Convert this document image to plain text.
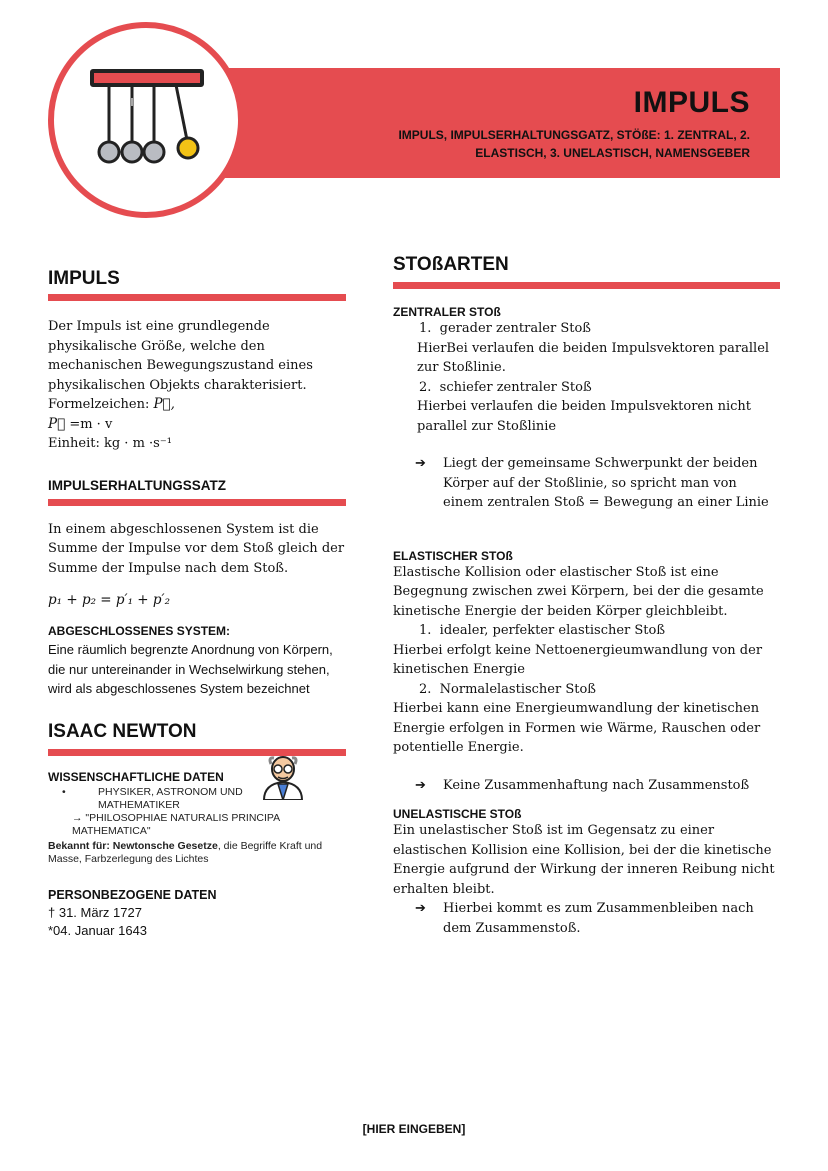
IMPULS
IMPULS, IMPULSERHALTUNGSGATZ, STÖßE: 1. ZENTRAL, 2. ELASTISCH, 3. UNELASTISCH, NAMENSGEBER
IMPULS
Der Impuls ist eine grundlegende physikalische Größe, welche den mechanischen Bewegungszustand eines physikalischen Objekts charakterisiert.
Formelzeichen: P⃗,
P⃗ =m · v
Einheit: kg · m ·s⁻¹
IMPULSERHALTUNGSSATZ
In einem abgeschlossenen System ist die Summe der Impulse vor dem Stoß gleich der Summe der Impulse nach dem Stoß.
p₁ + p₂ = p′₁ + p′₂
ABGESCHLOSSENES SYSTEM:
Eine räumlich begrenzte Anordnung von Körpern, die nur untereinander in Wechselwirkung stehen, wird als abgeschlossenes System bezeichnet
ISAAC NEWTON
WISSENSCHAFTLICHE DATEN
•	PHYSIKER, ASTRONOM UND MATHEMATIKER
→ "PHILOSOPHIAE NATURALIS PRINCIPA MATHEMATICA"
Bekannt für: Newtonsche Gesetze, die Begriffe Kraft und Masse, Farbzerlegung des Lichtes
PERSONBEZOGENE DATEN
† 31. März 1727
*04. Januar 1643
STOßARTEN
ZENTRALER STOß
1.  gerader zentraler Stoß
HierBei verlaufen die beiden Impulsvektoren parallel zur Stoßlinie.
2.  schiefer zentraler Stoß
Hierbei verlaufen die beiden Impulsvektoren nicht parallel zur Stoßlinie
➔	Liegt der gemeinsame Schwerpunkt der beiden Körper auf der Stoßlinie, so spricht man von einem zentralen Stoß = Bewegung an einer Linie
ELASTISCHER STOß
Elastische Kollision oder elastischer Stoß ist eine Begegnung zwischen zwei Körpern, bei der die gesamte kinetische Energie der beiden Körper gleichbleibt.
1.  idealer, perfekter elastischer Stoß
Hierbei erfolgt keine Nettoenergieumwandlung von der kinetischen Energie
2.  Normalelastischer Stoß
Hierbei kann eine Energieumwandlung der kinetischen Energie erfolgen in Formen wie Wärme, Rauschen oder potentielle Energie.
➔	Keine Zusammenhaftung nach Zusammenstoß
UNELASTISCHE STOß
Ein unelastischer Stoß ist im Gegensatz zu einer elastischen Kollision eine Kollision, bei der die kinetische Energie aufgrund der Wirkung der inneren Reibung nicht erhalten bleibt.
➔	Hierbei kommt es zum Zusammenbleiben nach dem Zusammenstoß.
[HIER EINGEBEN]
